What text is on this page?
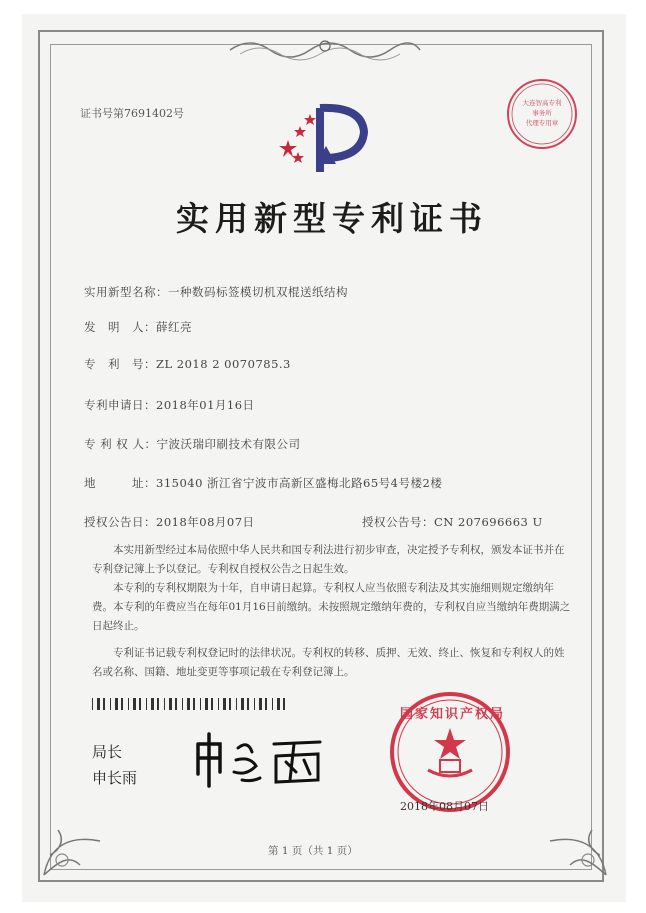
证书号第7691402号
大连智高专利
事务所
代理专用章
实用新型专利证书
实用新型名称：一种数码标签模切机双棍送纸结构
发　明　人：薛红亮
专　利　号：ZL 2018 2 0070785.3
专利申请日：2018年01月16日
专 利 权 人：宁波沃瑞印刷技术有限公司
地　　　址：315040 浙江省宁波市高新区盛梅北路65号4号楼2楼
授权公告日：2018年08月07日	授权公告号：CN 207696663 U

本实用新型经过本局依照中华人民共和国专利法进行初步审查，决定授予专利权，颁发本证书并在专利登记簿上予以登记。专利权自授权公告之日起生效。

本专利的专利权期限为十年，自申请日起算。专利权人应当依照专利法及其实施细则规定缴纳年费。本专利的年费应当在每年01月16日前缴纳。未按照规定缴纳年费的，专利权自应当缴纳年费期满之日起终止。

专利证书记载专利权登记时的法律状况。专利权的转移、质押、无效、终止、恢复和专利权人的姓名或名称、国籍、地址变更等事项记载在专利登记簿上。

局长
申长雨
国家知识产权局
2018年08月07日
第 1 页（共 1 页）
